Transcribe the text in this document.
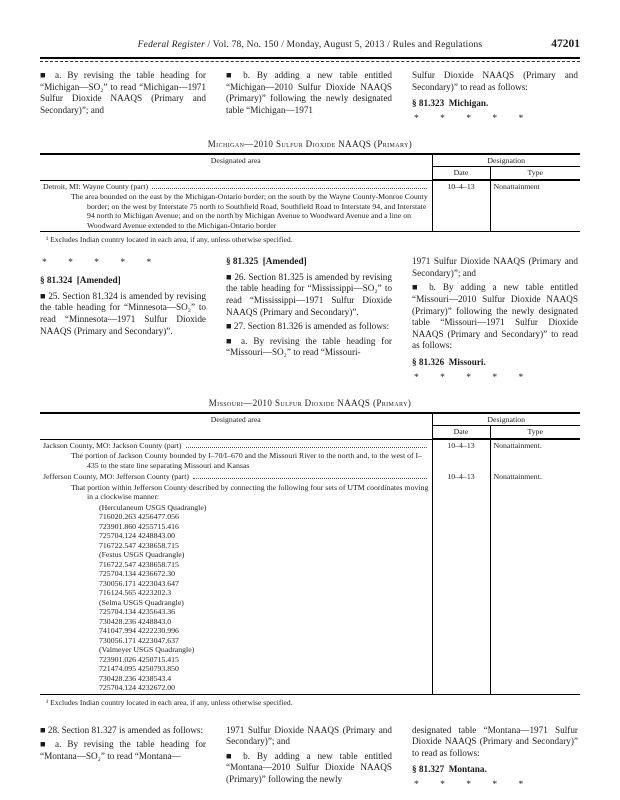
Federal Register / Vol. 78, No. 150 / Monday, August 5, 2013 / Rules and Regulations	47201

■ a. By revising the table heading for “Michigan—SO₂” to read “Michigan—1971 Sulfur Dioxide NAAQS (Primary and Secondary)”; and

■ b. By adding a new table entitled “Michigan—2010 Sulfur Dioxide NAAQS (Primary)” following the newly designated table “Michigan—1971

Sulfur Dioxide NAAQS (Primary and Secondary)” to read as follows:

§ 81.323  Michigan.
*         *         *         *         *
Michigan—2010 Sulfur Dioxide NAAQS (Primary)
Designated area	Designation	
	Date	Type

Detroit, MI: Wayne County (part)
The area bounded on the east by the Michigan-Ontario border; on the south by the Wayne County-Monroe County border; on the west by Interstate 75 north to Southfield Road, Southfield Road to Interstate 94, and Interstate 94 north to Michigan Avenue; and on the north by Michigan Avenue to Woodward Avenue and a line on Woodward Avenue extended to the Michigan-Ontario border	10–4–13	Nonattainment
¹ Excludes Indian country located in each area, if any, unless otherwise specified.
*         *         *         *         *
§ 81.324  [Amended]

■ 25. Section 81.324 is amended by revising the table heading for “Minnesota—SO₂” to read “Minnesota—1971 Sulfur Dioxide NAAQS (Primary and Secondary)”.

§ 81.325  [Amended]

■ 26. Section 81.325 is amended by revising the table heading for “Mississippi—SO₂” to read “Mississippi—1971 Sulfur Dioxide NAAQS (Primary and Secondary)”.

■ 27. Section 81.326 is amended as follows:

■ a. By revising the table heading for “Missouri—SO₂” to read “Missouri-

1971 Sulfur Dioxide NAAQS (Primary and Secondary)”; and

■ b. By adding a new table entitled “Missouri—2010 Sulfur Dioxide NAAQS (Primary)” following the newly designated table “Missouri—1971 Sulfur Dioxide NAAQS (Primary and Secondary)” to read as follows:

§ 81.326  Missouri.
*         *         *         *         *
Missouri—2010 Sulfur Dioxide NAAQS (Primary)
Designated area	Designation	
	Date	Type

Jackson County, MO: Jackson County (part)
The portion of Jackson County bounded by I–70/I–670 and the Missouri River to the north and, to the west of I–435 to the state line separating Missouri and Kansas	10–4–13	Nonattainment.

Jefferson County, MO: Jefferson County (part)
That portion within Jefferson County described by connecting the following four sets of UTM coordinates moving in a clockwise manner:
(Herculaneum USGS Quadrangle)
716020.263 4256477.056
723901.860 4255715.416
725704.124 4248843.00
716722.547 4238658.715
(Festus USGS Quadrangle)
716722.547 4238658.715
725704.134 4236672.30
730056.171 4223043.647
716124.565 4223202.3
(Selma USGS Quadrangle)
725704.134 4235643.36
730428.236 4248843.0
741047.994 4222230.996
730056.171 4223047.637
(Valmeyer USGS Quadrangle)
723901.026 4250715.415
721474.095 4250793.850
730428.236 4238543.4
725704.124 4232672.00
	10–4–13	Nonattainment.
¹ Excludes Indian country located in each area, if any, unless otherwise specified.

■ 28. Section 81.327 is amended as follows:

■ a. By revising the table heading for “Montana—SO₂” to read “Montana—

1971 Sulfur Dioxide NAAQS (Primary and Secondary)”; and

■ b. By adding a new table entitled “Montana—2010 Sulfur Dioxide NAAQS (Primary)” following the newly

designated table “Montana—1971 Sulfur Dioxide NAAQS (Primary and Secondary)” to read as follows:

§ 81.327  Montana.
*         *         *         *         *
